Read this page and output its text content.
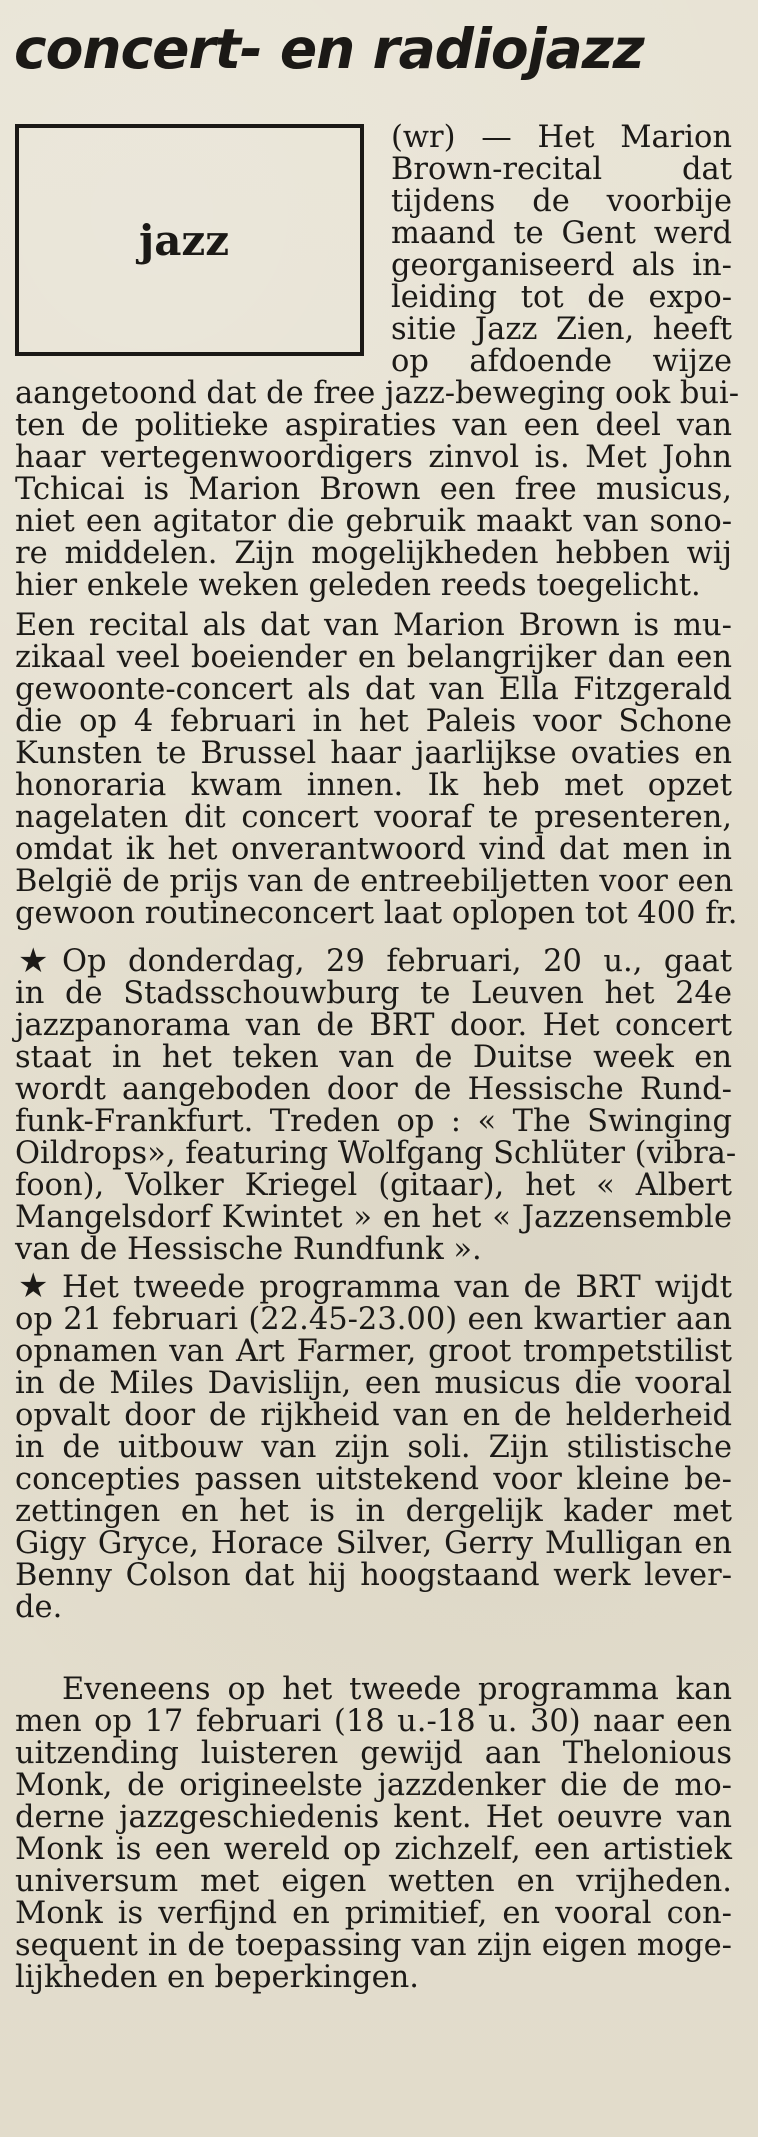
concert- en radiojazz

jazz

(wr) — Het Marion

Brown-recital dat

tijdens de voorbije

maand te Gent werd

georganiseerd als in-

leiding tot de expo-

sitie Jazz Zien, heeft

op afdoende wijze

aangetoond dat de free jazz-beweging ook bui-

ten de politieke aspiraties van een deel van

haar vertegenwoordigers zinvol is. Met John

Tchicai is Marion Brown een free musicus,

niet een agitator die gebruik maakt van sono-

re middelen. Zijn mogelijkheden hebben wij

hier enkele weken geleden reeds toegelicht.

Een recital als dat van Marion Brown is mu-

zikaal veel boeiender en belangrijker dan een

gewoonte-concert als dat van Ella Fitzgerald

die op 4 februari in het Paleis voor Schone

Kunsten te Brussel haar jaarlijkse ovaties en

honoraria kwam innen. Ik heb met opzet

nagelaten dit concert vooraf te presenteren,

omdat ik het onverantwoord vind dat men in

België de prijs van de entreebiljetten voor een

gewoon routineconcert laat oplopen tot 400 fr.

★ Op donderdag, 29 februari, 20 u., gaat

in de Stadsschouwburg te Leuven het 24e

jazzpanorama van de BRT door. Het concert

staat in het teken van de Duitse week en

wordt aangeboden door de Hessische Rund-

funk-Frankfurt. Treden op : « The Swinging

Oildrops», featuring Wolfgang Schlüter (vibra-

foon), Volker Kriegel (gitaar), het « Albert

Mangelsdorf Kwintet » en het « Jazzensemble

van de Hessische Rundfunk ».

★ Het tweede programma van de BRT wijdt

op 21 februari (22.45-23.00) een kwartier aan

opnamen van Art Farmer, groot trompetstilist

in de Miles Davislijn, een musicus die vooral

opvalt door de rijkheid van en de helderheid

in de uitbouw van zijn soli. Zijn stilistische

concepties passen uitstekend voor kleine be-

zettingen en het is in dergelijk kader met

Gigy Gryce, Horace Silver, Gerry Mulligan en

Benny Colson dat hij hoogstaand werk lever-

de.

Eveneens op het tweede programma kan

men op 17 februari (18 u.-18 u. 30) naar een

uitzending luisteren gewijd aan Thelonious

Monk, de origineelste jazzdenker die de mo-

derne jazzgeschiedenis kent. Het oeuvre van

Monk is een wereld op zichzelf, een artistiek

universum met eigen wetten en vrijheden.

Monk is verfijnd en primitief, en vooral con-

sequent in de toepassing van zijn eigen moge-

lijkheden en beperkingen.
